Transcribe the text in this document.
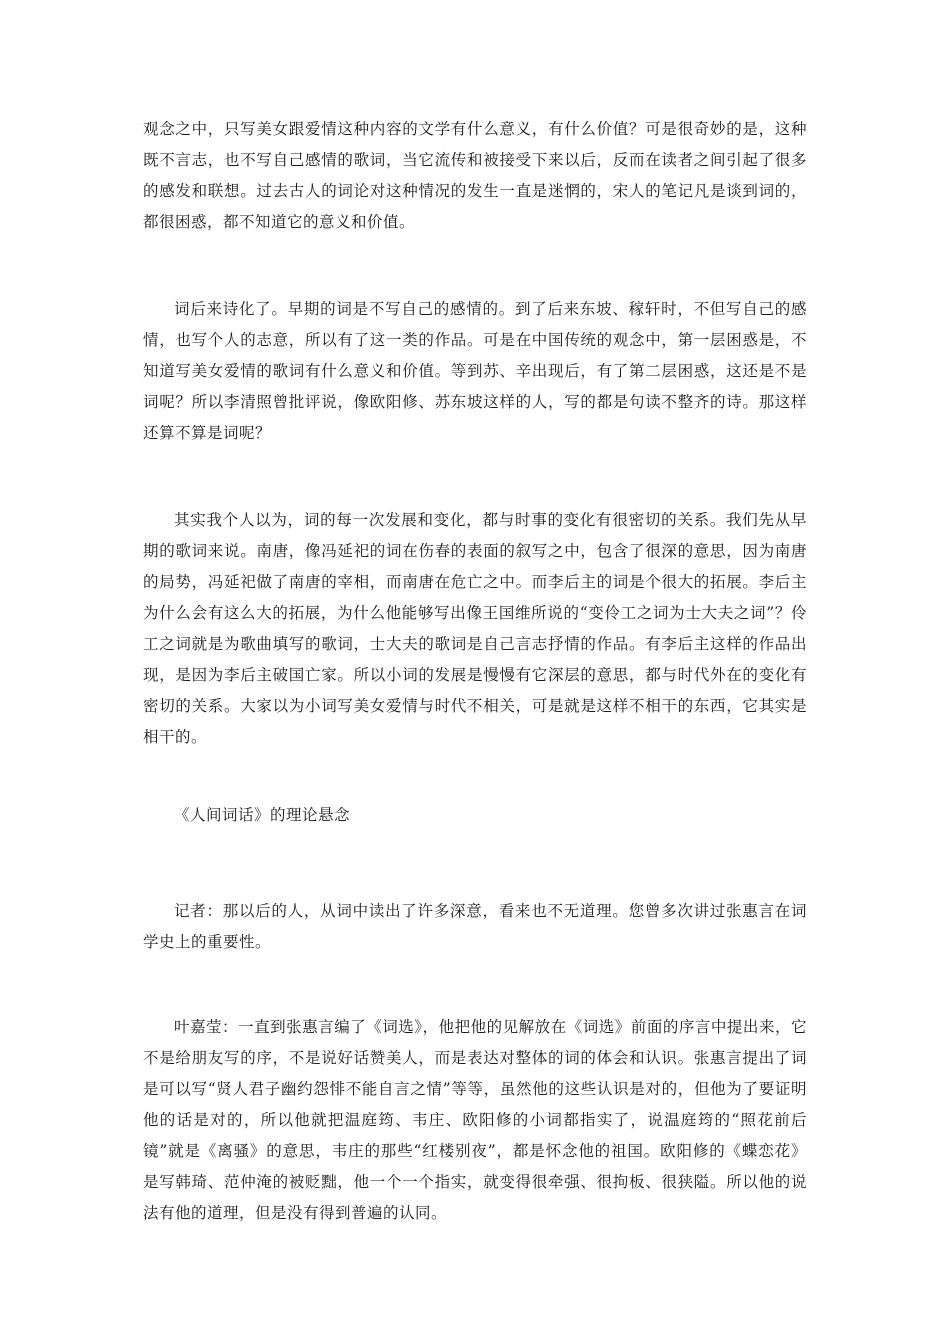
观念之中，只写美女跟爱情这种内容的文学有什么意义，有什么价值？可是很奇妙的是，这种既不言志，也不写自己感情的歌词，当它流传和被接受下来以后，反而在读者之间引起了很多的感发和联想。过去古人的词论对这种情况的发生一直是迷惘的，宋人的笔记凡是谈到词的，都很困惑，都不知道它的意义和价值。

词后来诗化了。早期的词是不写自己的感情的。到了后来东坡、稼轩时，不但写自己的感情，也写个人的志意，所以有了这一类的作品。可是在中国传统的观念中，第一层困惑是，不知道写美女爱情的歌词有什么意义和价值。等到苏、辛出现后，有了第二层困惑，这还是不是词呢？所以李清照曾批评说，像欧阳修、苏东坡这样的人，写的都是句读不整齐的诗。那这样还算不算是词呢？

其实我个人以为，词的每一次发展和变化，都与时事的变化有很密切的关系。我们先从早期的歌词来说。南唐，像冯延祀的词在伤春的表面的叙写之中，包含了很深的意思，因为南唐的局势，冯延祀做了南唐的宰相，而南唐在危亡之中。而李后主的词是个很大的拓展。李后主为什么会有这么大的拓展，为什么他能够写出像王国维所说的“变伶工之词为士大夫之词”？伶工之词就是为歌曲填写的歌词，士大夫的歌词是自己言志抒情的作品。有李后主这样的作品出现，是因为李后主破国亡家。所以小词的发展是慢慢有它深层的意思，都与时代外在的变化有密切的关系。大家以为小词写美女爱情与时代不相关，可是就是这样不相干的东西，它其实是相干的。

《人间词话》的理论悬念

记者：那以后的人，从词中读出了许多深意，看来也不无道理。您曾多次讲过张惠言在词学史上的重要性。

叶嘉莹：一直到张惠言编了《词选》，他把他的见解放在《词选》前面的序言中提出来，它不是给朋友写的序，不是说好话赞美人，而是表达对整体的词的体会和认识。张惠言提出了词是可以写“贤人君子幽约怨悱不能自言之情”等等，虽然他的这些认识是对的，但他为了要证明他的话是对的，所以他就把温庭筠、韦庄、欧阳修的小词都指实了，说温庭筠的“照花前后镜”就是《离骚》的意思，韦庄的那些“红楼别夜”，都是怀念他的祖国。欧阳修的《蝶恋花》是写韩琦、范仲淹的被贬黜，他一个一个指实，就变得很牵强、很拘板、很狭隘。所以他的说法有他的道理，但是没有得到普遍的认同。
